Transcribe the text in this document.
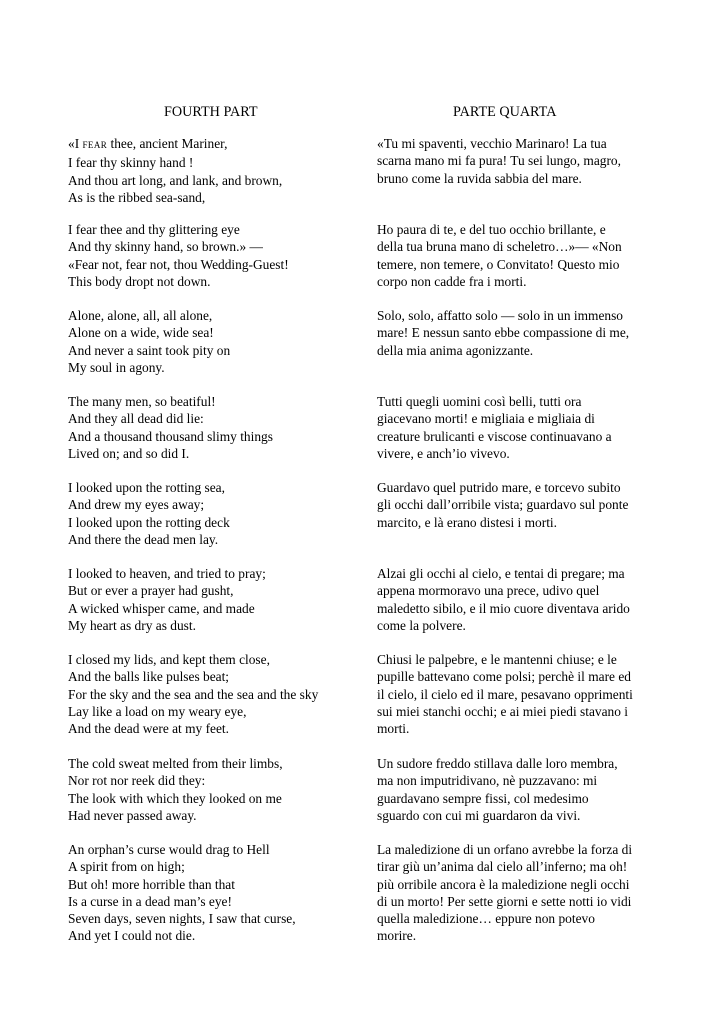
FOURTH PART	PARTE QUARTA
«I FEAR thee, ancient Mariner,
I fear thy skinny hand !
And thou art long, and lank, and brown,
As is the ribbed sea-sand,
I fear thee and thy glittering eye
And thy skinny hand, so brown.» —
«Fear not, fear not, thou Wedding-Guest!
This body dropt not down.
Alone, alone, all, all alone,
Alone on a wide, wide sea!
And never a saint took pity on
My soul in agony.
The many men, so beatiful!
And they all dead did lie:
And a thousand thousand slimy things
Lived on; and so did I.
I looked upon the rotting sea,
And drew my eyes away;
I looked upon the rotting deck
And there the dead men lay.
I looked to heaven, and tried to pray;
But or ever a prayer had gusht,
A wicked whisper came, and made
My heart as dry as dust.
I closed my lids, and kept them close,
And the balls like pulses beat;
For the sky and the sea and the sea and the sky
Lay like a load on my weary eye,
And the dead were at my feet.
The cold sweat melted from their limbs,
Nor rot nor reek did they:
The look with which they looked on me
Had never passed away.
An orphan’s curse would drag to Hell
A spirit from on high;
But oh! more horrible than that
Is a curse in a dead man’s eye!
Seven days, seven nights, I saw that curse,
And yet I could not die.
«Tu mi spaventi, vecchio Marinaro! La tua
scarna mano mi fa pura! Tu sei lungo, magro,
bruno come la ruvida sabbia del mare.
Ho paura di te, e del tuo occhio brillante, e
della tua bruna mano di scheletro…»— «Non
temere, non temere, o Convitato! Questo mio
corpo non cadde fra i morti.
Solo, solo, affatto solo — solo in un immenso
mare! E nessun santo ebbe compassione di me,
della mia anima agonizzante.
Tutti quegli uomini così belli, tutti ora
giacevano morti! e migliaia e migliaia di
creature brulicanti e viscose continuavano a
vivere, e anch’io vivevo.
Guardavo quel putrido mare, e torcevo subito
gli occhi dall’orribile vista; guardavo sul ponte
marcito, e là erano distesi i morti.
Alzai gli occhi al cielo, e tentai di pregare; ma
appena mormoravo una prece, udivo quel
maledetto sibilo, e il mio cuore diventava arido
come la polvere.
Chiusi le palpebre, e le mantenni chiuse; e le
pupille battevano come polsi; perchè il mare ed
il cielo, il cielo ed il mare, pesavano opprimenti
sui miei stanchi occhi; e ai miei piedi stavano i
morti.
Un sudore freddo stillava dalle loro membra,
ma non imputridivano, nè puzzavano: mi
guardavano sempre fissi, col medesimo
sguardo con cui mi guardaron da vivi.
La maledizione di un orfano avrebbe la forza di
tirar giù un’anima dal cielo all’inferno; ma oh!
più orribile ancora è la maledizione negli occhi
di un morto! Per sette giorni e sette notti io vidi
quella maledizione… eppure non potevo
morire.
